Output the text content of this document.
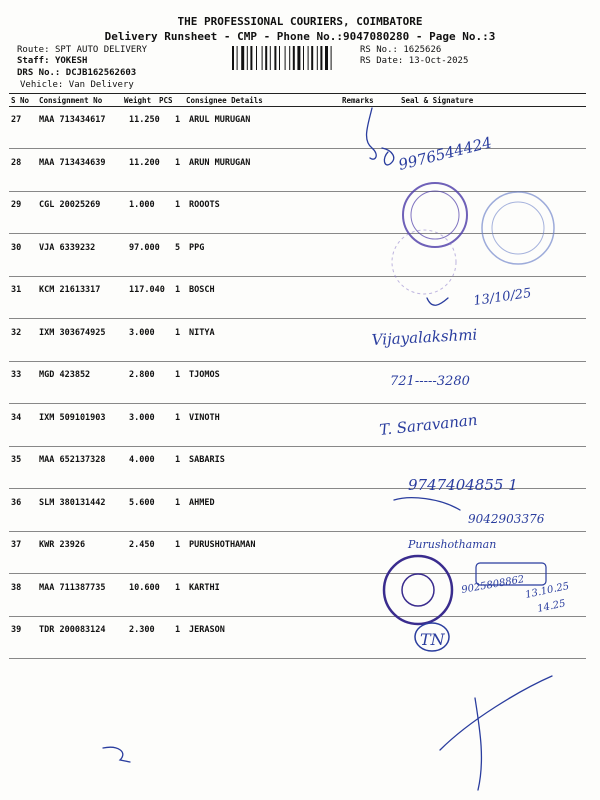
THE PROFESSIONAL COURIERS, COIMBATORE
Delivery Runsheet - CMP - Phone No.:9047080280 - Page No.:3
Route: SPT AUTO DELIVERY
Staff: YOKESH
DRS No.: DCJB162562603
Vehicle: Van Delivery
RS No.: 1625626
RS Date: 13-Oct-2025
S No Consignment No	Weight PCS Consignee Details	Remarks	Seal & Signature
27 MAA 713434617	11.250 1 ARUL MURUGAN
28 MAA 713434639	11.200 1 ARUN MURUGAN
29 CGL 20025269	1.000 1 ROOOTS
30 VJA 6339232	97.000 5 PPG
31 KCM 21613317	117.040 1 BOSCH
32 IXM 303674925	3.000 1 NITYA
33 MGD 423852	2.800 1 TJOMOS
34 IXM 509101903	3.000 1 VINOTH
35 MAA 652137328	4.000 1 SABARIS
36 SLM 380131442	5.600 1 AHMED
37 KWR 23926	2.450 1 PURUSHOTHAMAN
38 MAA 711387735	10.600 1 KARTHI
39 TDR 200083124	2.300 1 JERASON
9976544424
13/10/25
Vijayalakshmi
721-----3280
T. Saravanan
9747404855 1
9042903376
Purushothaman
9025808862 13.10.25
14.25
TN
